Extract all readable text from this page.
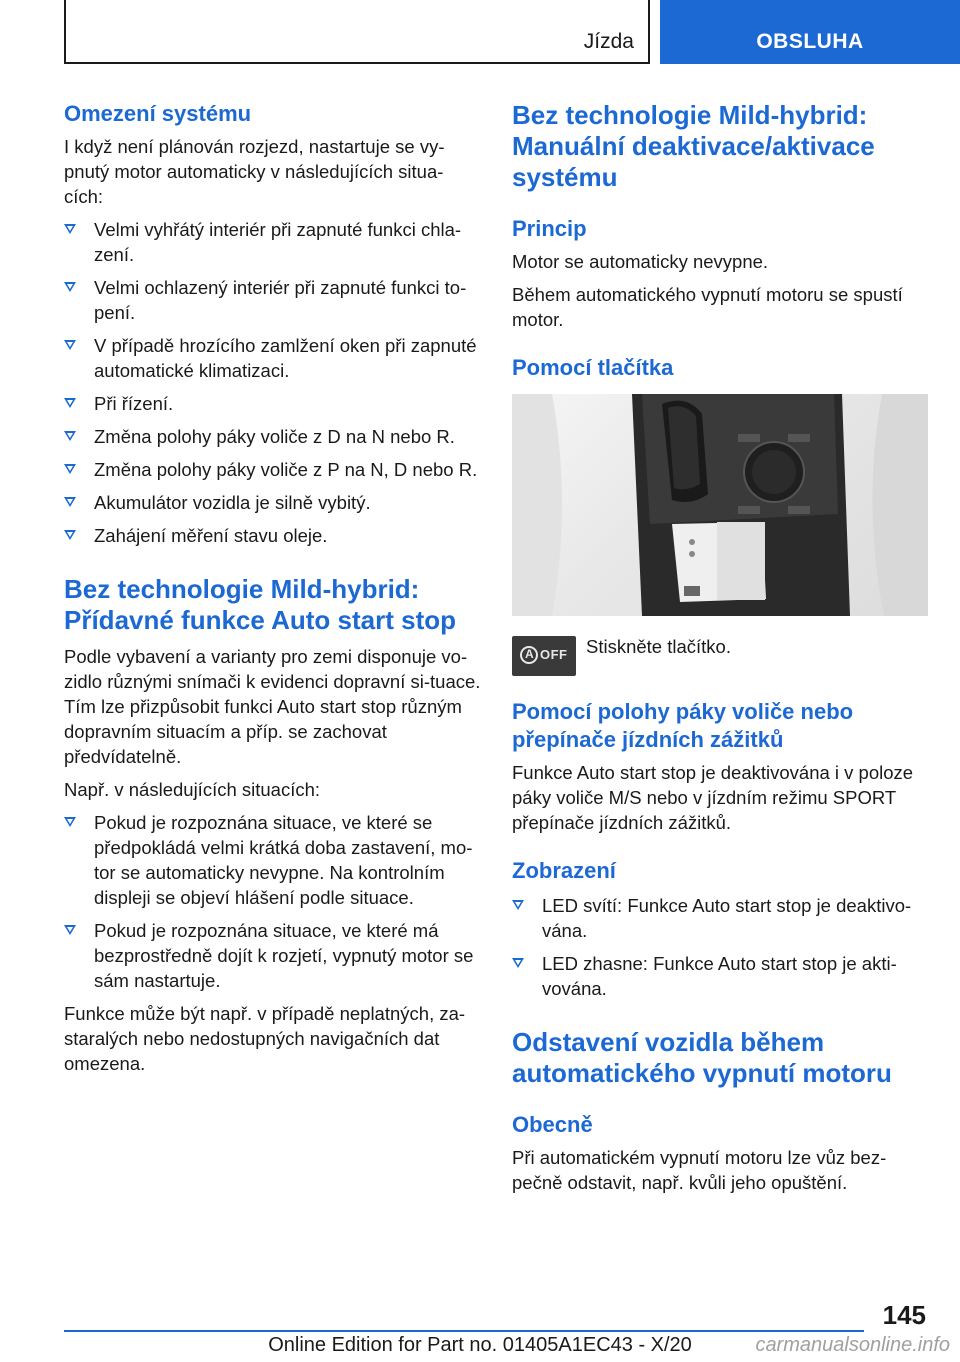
Jízda	OBSLUHA
Omezení systému

I když není plánován rozjezd, nastartuje se vy-pnutý motor automaticky v následujících situa-cích:

Velmi vyhřátý interiér při zapnuté funkci chla-zení.
Velmi ochlazený interiér při zapnuté funkci to-pení.
V případě hrozícího zamlžení oken při zapnuté automatické klimatizaci.
Při řízení.
Změna polohy páky voliče z D na N nebo R.
Změna polohy páky voliče z P na N, D nebo R.
Akumulátor vozidla je silně vybitý.
Zahájení měření stavu oleje.
Bez technologie Mild-hybrid: Přídavné funkce Auto start stop

Podle vybavení a varianty pro zemi disponuje vo-zidlo různými snímači k evidenci dopravní si-tuace. Tím lze přizpůsobit funkci Auto start stop různým dopravním situacím a příp. se zachovat předvídatelně.

Např. v následujících situacích:

Pokud je rozpoznána situace, ve které se předpokládá velmi krátká doba zastavení, mo-tor se automaticky nevypne. Na kontrolním displeji se objeví hlášení podle situace.
Pokud je rozpoznána situace, ve které má bezprostředně dojít k rozjetí, vypnutý motor se sám nastartuje.

Funkce může být např. v případě neplatných, za-staralých nebo nedostupných navigačních dat omezena.

Bez technologie Mild-hybrid: Manuální deaktivace/aktivace systému
Princip

Motor se automaticky nevypne.

Během automatického vypnutí motoru se spustí motor.

Pomocí tlačítka
A
OFF Stiskněte tlačítko.
Pomocí polohy páky voliče nebo přepínače jízdních zážitků

Funkce Auto start stop je deaktivována i v poloze páky voliče M/S nebo v jízdním režimu SPORT přepínače jízdních zážitků.

Zobrazení
LED svítí: Funkce Auto start stop je deaktivo-vána.
LED zhasne: Funkce Auto start stop je akti-vována.
Odstavení vozidla během automatického vypnutí motoru
Obecně

Při automatickém vypnutí motoru lze vůz bez-pečně odstavit, např. kvůli jeho opuštění.

145
Online Edition for Part no. 01405A1EC43 - X/20	carmanualsonline.info
